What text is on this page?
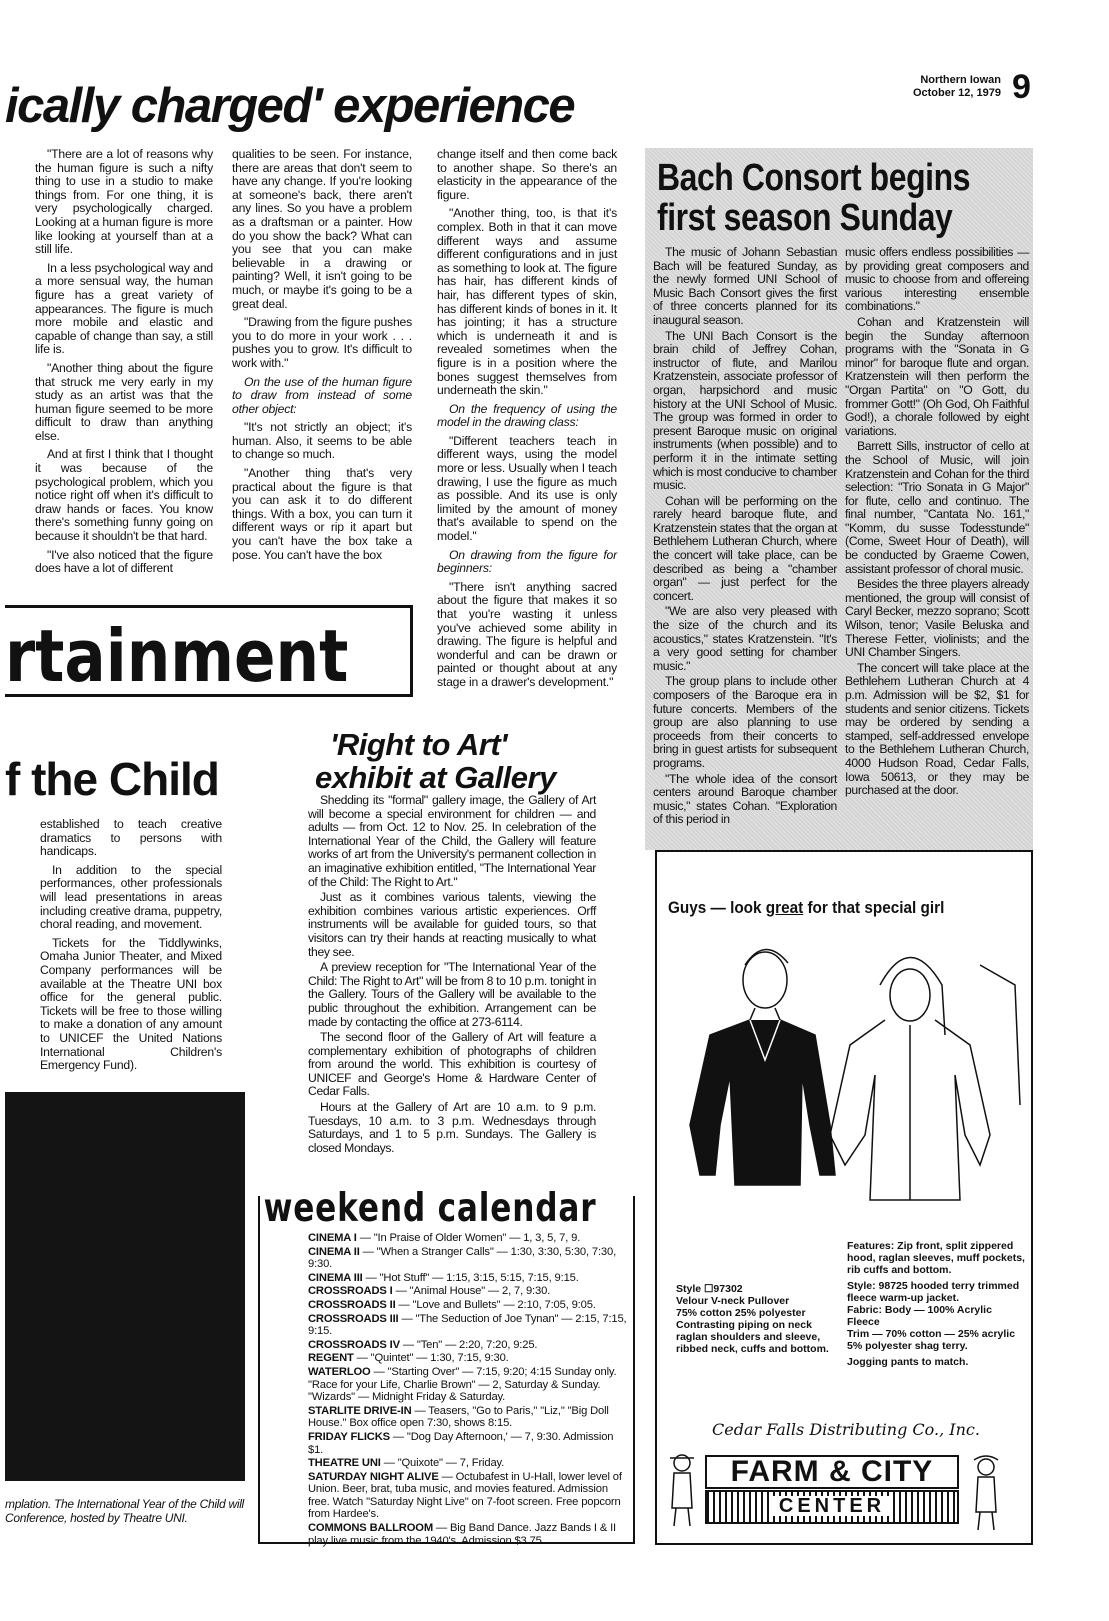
Northern Iowan
October 12, 1979 9
ically charged' experience

"There are a lot of reasons why the human figure is such a nifty thing to use in a studio to make things from. For one thing, it is very psychologically charged. Looking at a human figure is more like looking at yourself than at a still life.

In a less psychological way and a more sensual way, the human figure has a great variety of appearances. The figure is much more mobile and elastic and capable of change than say, a still life is.

"Another thing about the figure that struck me very early in my study as an artist was that the human figure seemed to be more difficult to draw than anything else.

And at first I think that I thought it was because of the psychological problem, which you notice right off when it's difficult to draw hands or faces. You know there's something funny going on because it shouldn't be that hard.

"I've also noticed that the figure does have a lot of different

qualities to be seen. For instance, there are areas that don't seem to have any change. If you're looking at someone's back, there aren't any lines. So you have a problem as a draftsman or a painter. How do you show the back? What can you see that you can make believable in a drawing or painting? Well, it isn't going to be much, or maybe it's going to be a great deal.

"Drawing from the figure pushes you to do more in your work . . . pushes you to grow. It's difficult to work with."

On the use of the human figure to draw from instead of some other object:

"It's not strictly an object; it's human. Also, it seems to be able to change so much.

"Another thing that's very practical about the figure is that you can ask it to do different things. With a box, you can turn it different ways or rip it apart but you can't have the box take a pose. You can't have the box

change itself and then come back to another shape. So there's an elasticity in the appearance of the figure.

"Another thing, too, is that it's complex. Both in that it can move different ways and assume different configurations and in just as something to look at. The figure has hair, has different kinds of hair, has different types of skin, has different kinds of bones in it. It has jointing; it has a structure which is underneath it and is revealed sometimes when the figure is in a position where the bones suggest themselves from underneath the skin."

On the frequency of using the model in the drawing class:

"Different teachers teach in different ways, using the model more or less. Usually when I teach drawing, I use the figure as much as possible. And its use is only limited by the amount of money that's available to spend on the model."

On drawing from the figure for beginners:

"There isn't anything sacred about the figure that makes it so that you're wasting it unless you've achieved some ability in drawing. The figure is helpful and wonderful and can be drawn or painted or thought about at any stage in a drawer's development."

Bach Consort begins first season Sunday

The music of Johann Sebastian Bach will be featured Sunday, as the newly formed UNI School of Music Bach Consort gives the first of three concerts planned for its inaugural season.

The UNI Bach Consort is the brain child of Jeffrey Cohan, instructor of flute, and Marilou Kratzenstein, associate professor of organ, harpsichord and music history at the UNI School of Music. The group was formed in order to present Baroque music on original instruments (when possible) and to perform it in the intimate setting which is most conducive to chamber music.

Cohan will be performing on the rarely heard baroque flute, and Kratzenstein states that the organ at Bethlehem Lutheran Church, where the concert will take place, can be described as being a "chamber organ" — just perfect for the concert.

"We are also very pleased with the size of the church and its acoustics," states Kratzenstein. "It's a very good setting for chamber music."

The group plans to include other composers of the Baroque era in future concerts. Members of the group are also planning to use proceeds from their concerts to bring in guest artists for subsequent programs.

"The whole idea of the consort centers around Baroque chamber music," states Cohan. "Exploration of this period in

music offers endless possibilities — by providing great composers and music to choose from and offereing various interesting ensemble combinations."

Cohan and Kratzenstein will begin the Sunday afternoon programs with the "Sonata in G minor" for baroque flute and organ. Kratzenstein will then perform the "Organ Partita" on "O Gott, du frommer Gott!" (Oh God, Oh Faithful God!), a chorale followed by eight variations.

Barrett Sills, instructor of cello at the School of Music, will join Kratzenstein and Cohan for the third selection: "Trio Sonata in G Major" for flute, cello and continuo. The final number, "Cantata No. 161," "Komm, du susse Todesstunde" (Come, Sweet Hour of Death), will be conducted by Graeme Cowen, assistant professor of choral music.

Besides the three players already mentioned, the group will consist of Caryl Becker, mezzo soprano; Scott Wilson, tenor; Vasile Beluska and Therese Fetter, violinists; and the UNI Chamber Singers.

The concert will take place at the Bethlehem Lutheran Church at 4 p.m. Admission will be $2, $1 for students and senior citizens. Tickets may be ordered by sending a stamped, self-addressed envelope to the Bethlehem Lutheran Church, 4000 Hudson Road, Cedar Falls, Iowa 50613, or they may be purchased at the door.

rtainment
f the Child

established to teach creative dramatics to persons with handicaps.

In addition to the special performances, other professionals will lead presentations in areas including creative drama, puppetry, choral reading, and movement.

Tickets for the Tiddlywinks, Omaha Junior Theater, and Mixed Company performances will be available at the Theatre UNI box office for the general public. Tickets will be free to those willing to make a donation of any amount to UNICEF the United Nations International Children's Emergency Fund).

mplation. The International Year of the Child will
Conference, hosted by Theatre UNI.
'Right to Art'
exhibit at Gallery

Shedding its "formal" gallery image, the Gallery of Art will become a special environment for children — and adults — from Oct. 12 to Nov. 25. In celebration of the International Year of the Child, the Gallery will feature works of art from the University's permanent collection in an imaginative exhibition entitled, "The International Year of the Child: The Right to Art."

Just as it combines various talents, viewing the exhibition combines various artistic experiences. Orff instruments will be available for guided tours, so that visitors can try their hands at reacting musically to what they see.

A preview reception for "The International Year of the Child: The Right to Art" will be from 8 to 10 p.m. tonight in the Gallery. Tours of the Gallery will be available to the public throughout the exhibition. Arrangement can be made by contacting the office at 273-6114.

The second floor of the Gallery of Art will feature a complementary exhibition of photographs of children from around the world. This exhibition is courtesy of UNICEF and George's Home & Hardware Center of Cedar Falls.

Hours at the Gallery of Art are 10 a.m. to 9 p.m. Tuesdays, 10 a.m. to 3 p.m. Wednesdays through Saturdays, and 1 to 5 p.m. Sundays. The Gallery is closed Mondays.

weekend calendar
CINEMA I — "In Praise of Older Women" — 1, 3, 5, 7, 9.
CINEMA II — "When a Stranger Calls" — 1:30, 3:30, 5:30, 7:30, 9:30.
CINEMA III — "Hot Stuff" — 1:15, 3:15, 5:15, 7:15, 9:15.
CROSSROADS I — "Animal House" — 2, 7, 9:30.
CROSSROADS II — "Love and Bullets" — 2:10, 7:05, 9:05.
CROSSROADS III — "The Seduction of Joe Tynan" — 2:15, 7:15, 9:15.
CROSSROADS IV — "Ten" — 2:20, 7:20, 9:25.
REGENT — "Quintet" — 1:30, 7:15, 9:30.
WATERLOO — "Starting Over" — 7:15, 9:20; 4:15 Sunday only. "Race for your Life, Charlie Brown" — 2, Saturday & Sunday. "Wizards" — Midnight Friday & Saturday.
STARLITE DRIVE-IN — Teasers, "Go to Paris," "Liz," "Big Doll House." Box office open 7:30, shows 8:15.
FRIDAY FLICKS — "Dog Day Afternoon,' — 7, 9:30. Admission $1.
THEATRE UNI — "Quixote" — 7, Friday.
SATURDAY NIGHT ALIVE — Octubafest in U-Hall, lower level of Union. Beer, brat, tuba music, and movies featured. Admission free. Watch "Saturday Night Live" on 7-foot screen. Free popcorn from Hardee's.
COMMONS BALLROOM — Big Band Dance. Jazz Bands I & II play live music from the 1940's. Admission $3.75.
Guys — look great for that special girl
Style ☐97302
Velour V-neck Pullover
75% cotton 25% polyester
Contrasting piping on neck
raglan shoulders and sleeve,
ribbed neck, cuffs and bottom.
Features: Zip front, split zippered hood, raglan sleeves, muff pockets, rib cuffs and bottom.
Style: 98725 hooded terry trimmed fleece warm-up jacket.
Fabric: Body — 100% Acrylic Fleece
Trim — 70% cotton — 25% acrylic 5% polyester shag terry.
Jogging pants to match.
Cedar Falls Distributing Co., Inc.
FARM & CITY
CENTER
